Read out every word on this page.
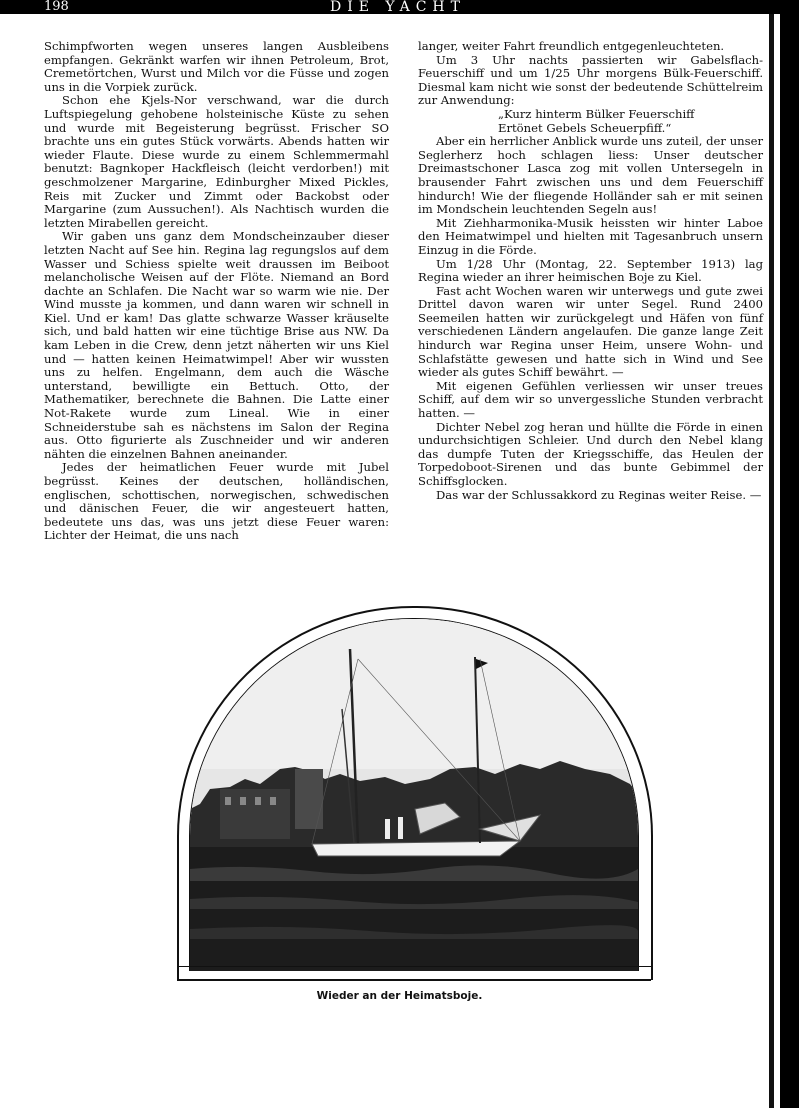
198	DIE YACHT

Schimpfworten wegen unseres langen Ausbleibens empfangen. Gekränkt warfen wir ihnen Petroleum, Brot, Cremetörtchen, Wurst und Milch vor die Füsse und zogen uns in die Vorpiek zurück.

Schon ehe Kjels-Nor verschwand, war die durch Luftspiegelung gehobene holsteinische Küste zu sehen und wurde mit Begeisterung begrüsst. Frischer SO brachte uns ein gutes Stück vorwärts. Abends hatten wir wieder Flaute. Diese wurde zu einem Schlemmermahl benutzt: Bagnkoper Hackfleisch (leicht verdorben!) mit geschmolzener Margarine, Edinburgher Mixed Pickles, Reis mit Zucker und Zimmt oder Backobst oder Margarine (zum Aussuchen!). Als Nachtisch wurden die letzten Mirabellen gereicht.

Wir gaben uns ganz dem Mondscheinzauber dieser letzten Nacht auf See hin. Regina lag regungslos auf dem Wasser und Schiess spielte weit draussen im Beiboot melancholische Weisen auf der Flöte. Niemand an Bord dachte an Schlafen. Die Nacht war so warm wie nie. Der Wind musste ja kommen, und dann waren wir schnell in Kiel. Und er kam! Das glatte schwarze Wasser kräuselte sich, und bald hatten wir eine tüchtige Brise aus NW. Da kam Leben in die Crew, denn jetzt näherten wir uns Kiel und — hatten keinen Heimatwimpel! Aber wir wussten uns zu helfen. Engelmann, dem auch die Wäsche unterstand, bewilligte ein Bettuch. Otto, der Mathematiker, berechnete die Bahnen. Die Latte einer Not-Rakete wurde zum Lineal. Wie in einer Schneiderstube sah es nächstens im Salon der Regina aus. Otto figurierte als Zuschneider und wir anderen nähten die einzelnen Bahnen aneinander.

Jedes der heimatlichen Feuer wurde mit Jubel begrüsst. Keines der deutschen, holländischen, englischen, schottischen, norwegischen, schwedischen und dänischen Feuer, die wir angesteuert hatten, bedeutete uns das, was uns jetzt diese Feuer waren: Lichter der Heimat, die uns nach

langer, weiter Fahrt freundlich entgegenleuchteten.

Um 3 Uhr nachts passierten wir Gabelsflach-Feuerschiff und um 1/25 Uhr morgens Bülk-Feuerschiff. Diesmal kam nicht wie sonst der bedeutende Schüttelreim zur Anwendung:

„Kurz hinterm Bülker Feuerschiff

Ertönet Gebels Scheuerpfiff.“

Aber ein herrlicher Anblick wurde uns zuteil, der unser Seglerherz hoch schlagen liess: Unser deutscher Dreimastschoner Lasca zog mit vollen Untersegeln in brausender Fahrt zwischen uns und dem Feuerschiff hindurch! Wie der fliegende Holländer sah er mit seinen im Mondschein leuchtenden Segeln aus!

Mit Ziehharmonika-Musik heissten wir hinter Laboe den Heimatwimpel und hielten mit Tagesanbruch unsern Einzug in die Förde.

Um 1/28 Uhr (Montag, 22. September 1913) lag Regina wieder an ihrer heimischen Boje zu Kiel.

Fast acht Wochen waren wir unterwegs und gute zwei Drittel davon waren wir unter Segel. Rund 2400 Seemeilen hatten wir zurückgelegt und Häfen von fünf verschiedenen Ländern angelaufen. Die ganze lange Zeit hindurch war Regina unser Heim, unsere Wohn- und Schlafstätte gewesen und hatte sich in Wind und See wieder als gutes Schiff bewährt. —

Mit eigenen Gefühlen verliessen wir unser treues Schiff, auf dem wir so unvergessliche Stunden verbracht hatten. —

Dichter Nebel zog heran und hüllte die Förde in einen undurchsichtigen Schleier. Und durch den Nebel klang das dumpfe Tuten der Kriegsschiffe, das Heulen der Torpedoboot-Sirenen und das bunte Gebimmel der Schiffsglocken.

Das war der Schlussakkord zu Reginas weiter Reise. —

Wieder an der Heimatsboje.
